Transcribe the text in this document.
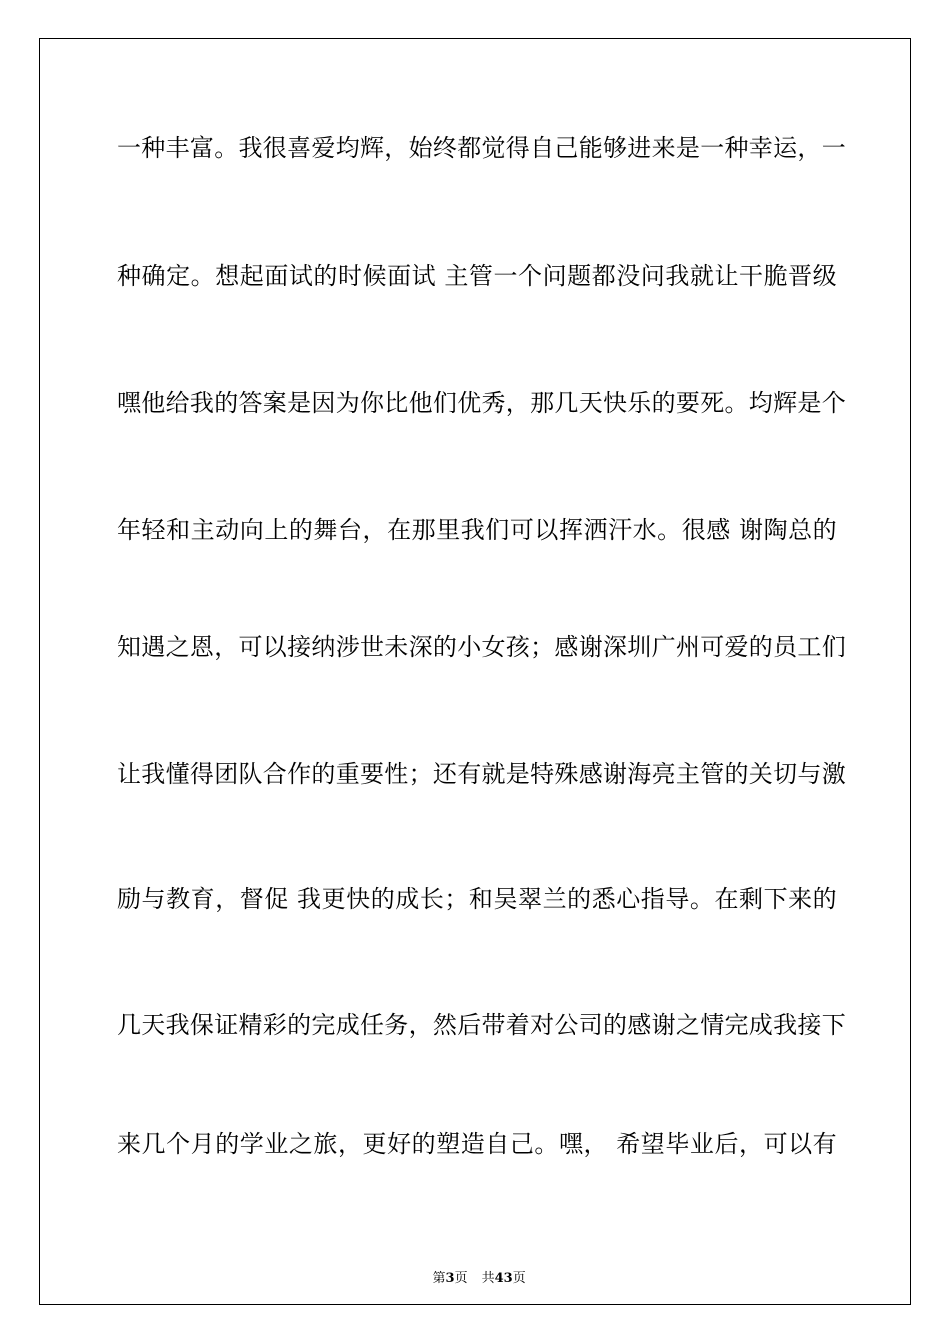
一种丰富。我很喜爱均辉，始终都觉得自己能够进来是一种幸运，一
种确定。想起面试的时候面试 主管一个问题都没问我就让干脆晋级
嘿他给我的答案是因为你比他们优秀，那几天快乐的要死。均辉是个
年轻和主动向上的舞台，在那里我们可以挥洒汗水。很感 谢陶总的
知遇之恩，可以接纳涉世未深的小女孩；感谢深圳广州可爱的员工们
让我懂得团队合作的重要性；还有就是特殊感谢海亮主管的关切与激
励与教育，督促 我更快的成长；和吴翠兰的悉心指导。在剩下来的
几天我保证精彩的完成任务，然后带着对公司的感谢之情完成我接下
来几个月的学业之旅，更好的塑造自己。嘿， 希望毕业后，可以有

第3页 共43页
